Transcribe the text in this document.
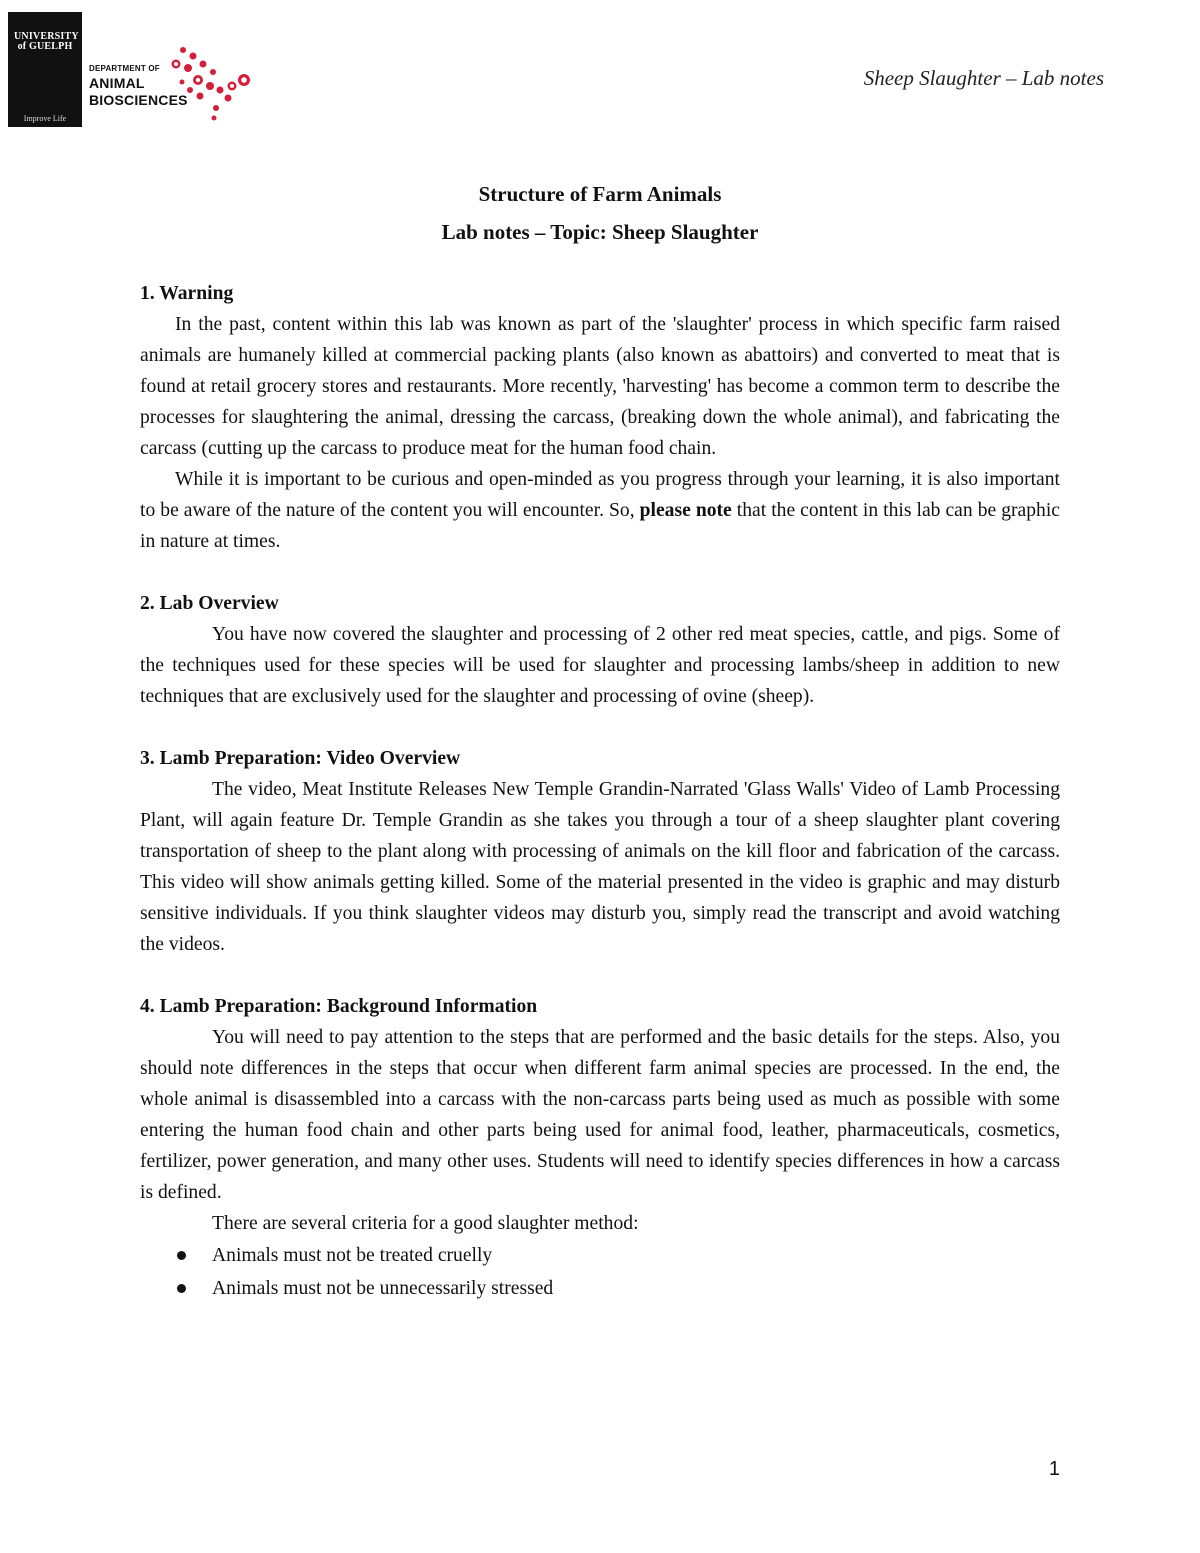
UNIVERSITY of GUELPH
Improve Life
DEPARTMENT OF
ANIMAL
BIOSCIENCES
Sheep Slaughter – Lab notes
Structure of Farm Animals
Lab notes – Topic: Sheep Slaughter
1. Warning

In the past, content within this lab was known as part of the 'slaughter' process in which specific farm raised animals are humanely killed at commercial packing plants (also known as abattoirs) and converted to meat that is found at retail grocery stores and restaurants. More recently, 'harvesting' has become a common term to describe the processes for slaughtering the animal, dressing the carcass, (breaking down the whole animal), and fabricating the carcass (cutting up the carcass to produce meat for the human food chain.

While it is important to be curious and open-minded as you progress through your learning, it is also important to be aware of the nature of the content you will encounter. So, please note that the content in this lab can be graphic in nature at times.

2. Lab Overview

You have now covered the slaughter and processing of 2 other red meat species, cattle, and pigs. Some of the techniques used for these species will be used for slaughter and processing lambs/sheep in addition to new techniques that are exclusively used for the slaughter and processing of ovine (sheep).

3. Lamb Preparation: Video Overview

The video, Meat Institute Releases New Temple Grandin-Narrated 'Glass Walls' Video of Lamb Processing Plant, will again feature Dr. Temple Grandin as she takes you through a tour of a sheep slaughter plant covering transportation of sheep to the plant along with processing of animals on the kill floor and fabrication of the carcass. This video will show animals getting killed. Some of the material presented in the video is graphic and may disturb sensitive individuals. If you think slaughter videos may disturb you, simply read the transcript and avoid watching the videos.

4. Lamb Preparation: Background Information

You will need to pay attention to the steps that are performed and the basic details for the steps. Also, you should note differences in the steps that occur when different farm animal species are processed. In the end, the whole animal is disassembled into a carcass with the non-carcass parts being used as much as possible with some entering the human food chain and other parts being used for animal food, leather, pharmaceuticals, cosmetics, fertilizer, power generation, and many other uses. Students will need to identify species differences in how a carcass is defined.

There are several criteria for a good slaughter method:

Animals must not be treated cruelly
Animals must not be unnecessarily stressed
1
